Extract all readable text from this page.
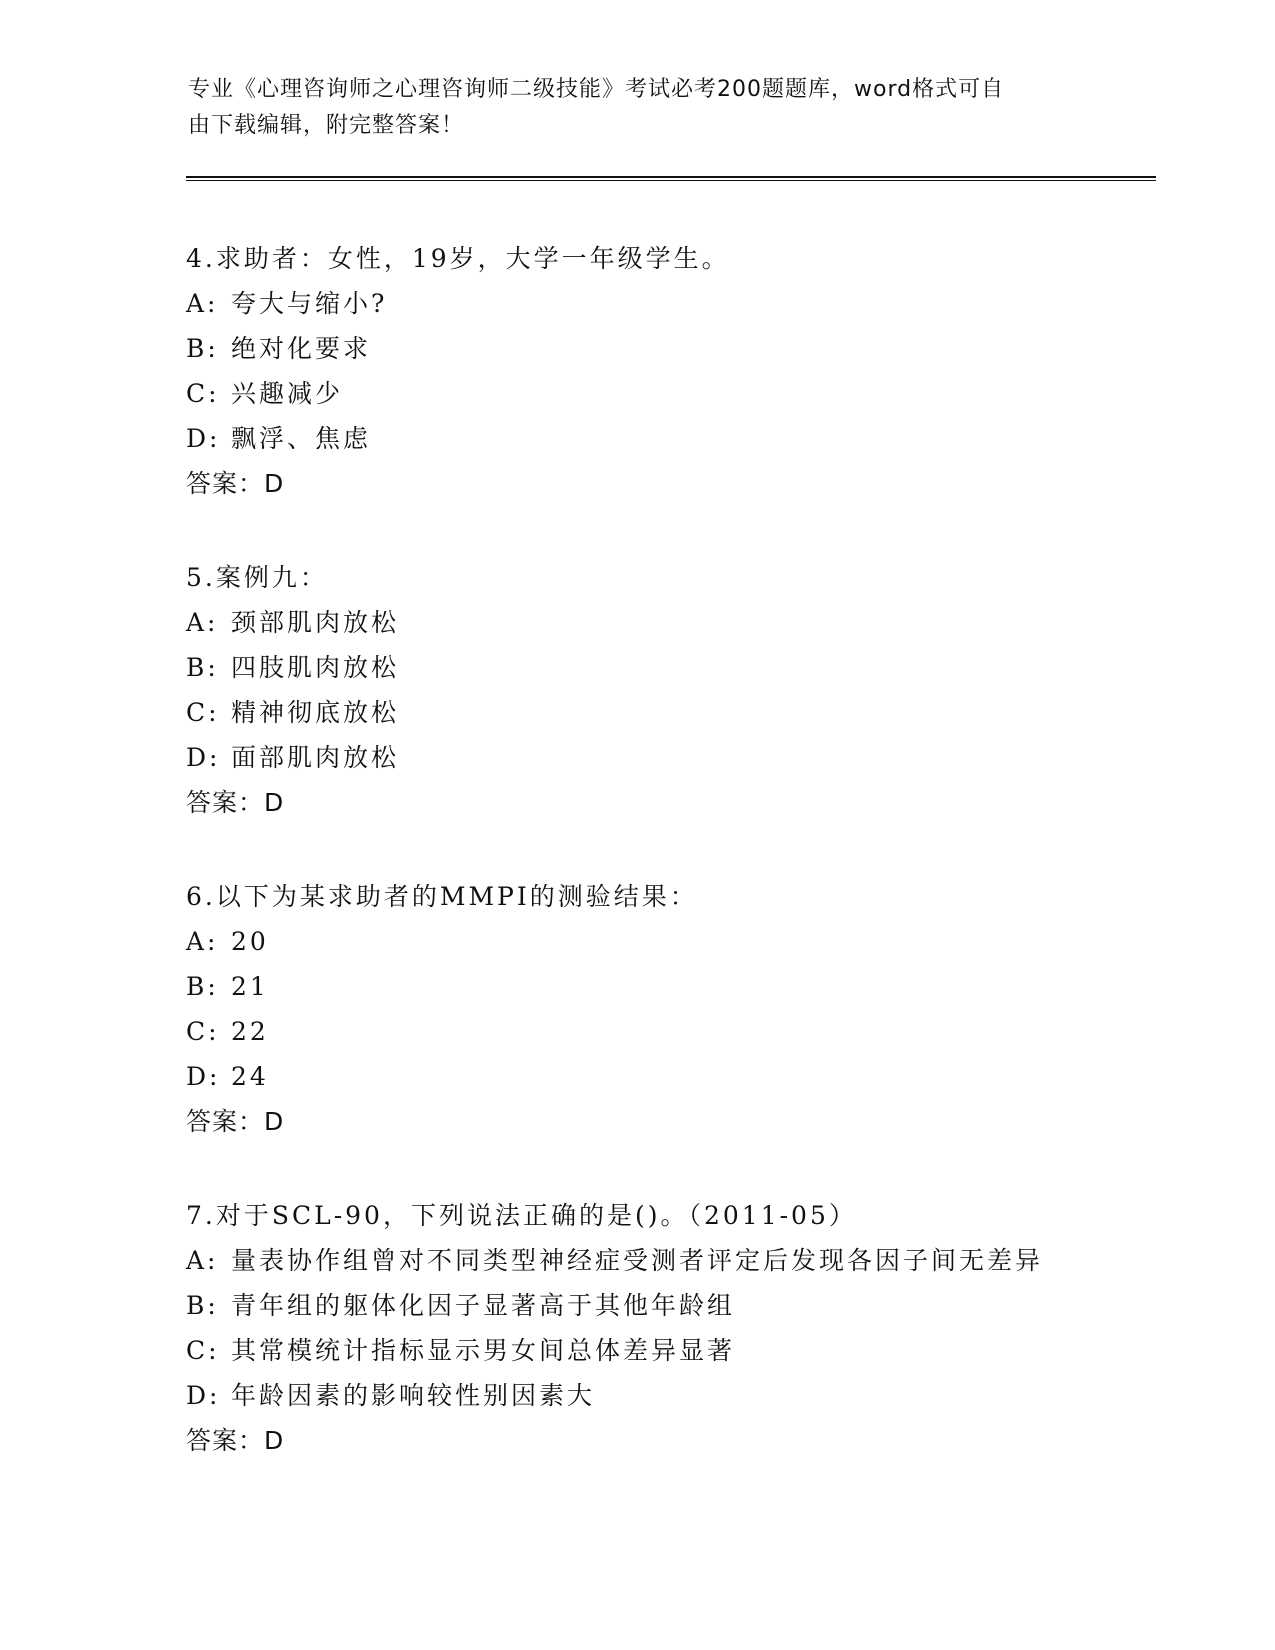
专业《心理咨询师之心理咨询师二级技能》考试必考200题题库，word格式可自
由下载编辑，附完整答案！
4.求助者：女性，19岁，大学一年级学生。
A: 夸大与缩小?
B: 绝对化要求
C: 兴趣减少
D: 飘浮、焦虑
答案：D
5.案例九：
A: 颈部肌肉放松
B: 四肢肌肉放松
C: 精神彻底放松
D: 面部肌肉放松
答案：D
6.以下为某求助者的MMPI的测验结果：
A: 20
B: 21
C: 22
D: 24
答案：D
7.对于SCL-90，下列说法正确的是()。（2011-05）
A: 量表协作组曾对不同类型神经症受测者评定后发现各因子间无差异
B: 青年组的躯体化因子显著高于其他年龄组
C: 其常模统计指标显示男女间总体差异显著
D: 年龄因素的影响较性别因素大
答案：D
